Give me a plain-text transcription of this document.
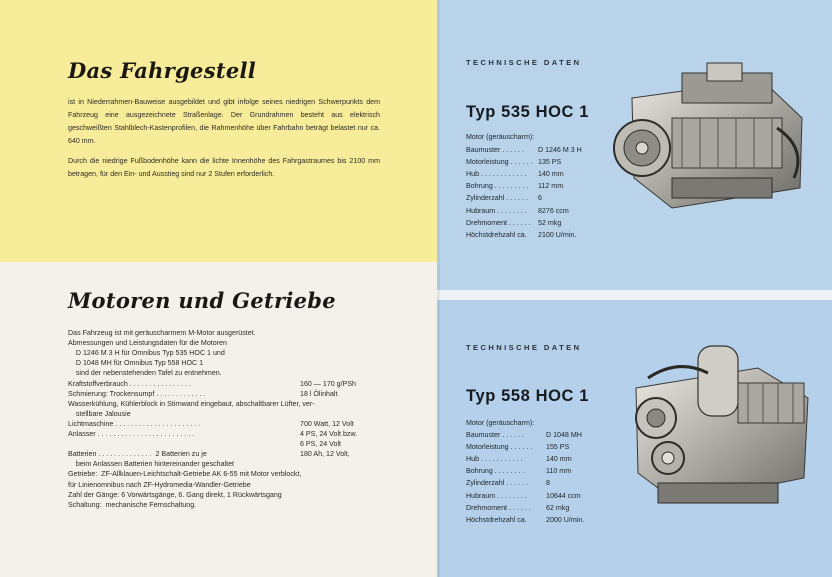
Das Fahrgestell

ist in Niederrahmen-Bauweise ausgebildet und gibt infolge seines niedrigen Schwerpunkts dem Fahrzeug eine ausgezeichnete Straßenlage. Der Grundrahmen besteht aus elektrisch geschweißten Stahlblech-Kastenprofilen, die Rahmenhöhe über Fahrbahn beträgt belastet nur ca. 640 mm.

Durch die niedrige Fußbodenhöhe kann die lichte Innenhöhe des Fahrgastraumes bis 2100 mm betragen, für den Ein- und Ausstieg sind nur 2 Stufen erforderlich.

Motoren und Getriebe
Das Fahrzeug ist mit geräuscharmem M-Motor ausgerüstet.
Abmessungen und Leistungsdaten für die Motoren
D 1246 M 3 H für Omnibus Typ 535 HOC 1 und
D 1048 MH für Omnibus Typ 558 HOC 1
sind der nebenstehenden Tafel zu entnehmen.
Kraftstoffverbrauch . . . . . . . . . . . . . . . .	160 — 170 g/PSh
Schmierung: Trockensumpf . . . . . . . . . . . . .	18 l Ölinhalt
Wasserkühlung, Kühlerblock in Stirnwand eingebaut, abschaltbarer Lüfter, ver-
stellbare Jalousie
Lichtmaschine . . . . . . . . . . . . . . . . . . . . . .	700 Watt, 12 Volt
Anlasser . . . . . . . . . . . . . . . . . . . . . . . . .	4 PS, 24 Volt bzw.
6 PS, 24 Volt
Batterien . . . . . . . . . . . . . .  2 Batterien zu je	180 Ah, 12 Volt,
beim Anlassen Batterien hintereinander geschaltet
Getriebe:  ZF-Allklauen-Leichtschalt-Getriebe AK 6-55 mit Motor verblockt,
für Linienomnibus nach ZF-Hydromedia-Wandler-Getriebe
Zahl der Gänge: 6 Vorwärtsgänge, 6. Gang direkt, 1 Rückwärtsgang
Schaltung:  mechanische Fernschaltung.
TECHNISCHE DATEN
Typ 535 HOC 1
Motor (geräuscharm):
Baumuster . . . . . . D 1246 M 3 H
Motorleistung . . . . . . 135 PS
Hub . . . . . . . . . . . . 140 mm
Bohrung . . . . . . . . . 112 mm
Zylinderzahl . . . . . . 6
Hubraum . . . . . . . . 8276 ccm
Drehmoment . . . . . . 52 mkg
Höchstdrehzahl ca. 2100 U/min.
TECHNISCHE DATEN
Typ 558 HOC 1
Motor (geräuscharm):
Baumuster . . . . . .	D 1048 MH
Motorleistung . . . . . . 155 PS
Hub . . . . . . . . . . .	140 mm
Bohrung . . . . . . . .	110 mm
Zylinderzahl . . . . . .	8
Hubraum . . . . . . . .	10644 ccm
Drehmoment . . . . . . 62 mkg
Höchstdrehzahl ca.	2000 U/min.
